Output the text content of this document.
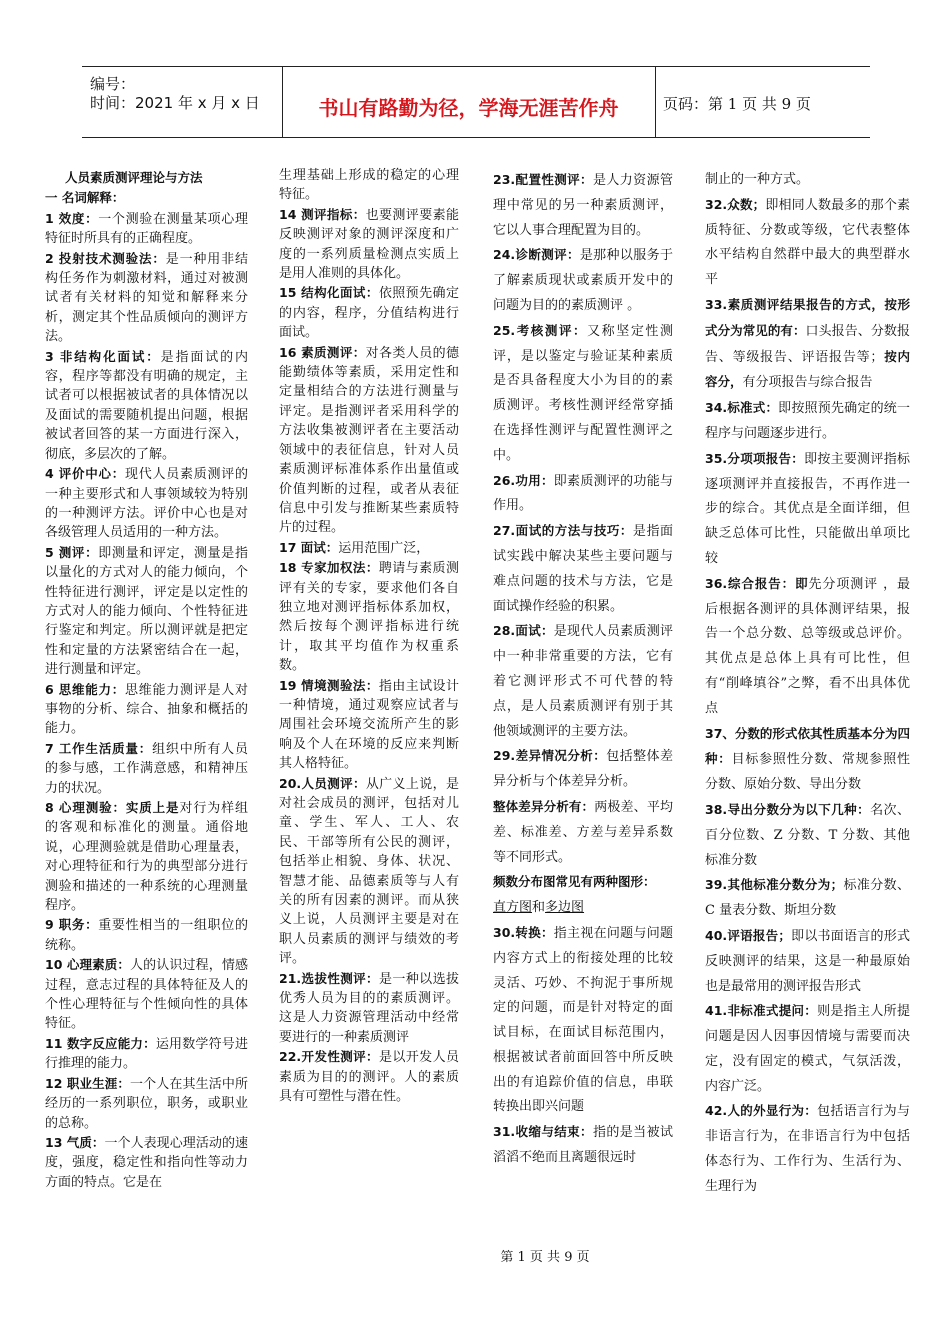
编号：
时间：2021 年 x 月 x 日	书山有路勤为径，学海无涯苦作舟	页码：第 1 页 共 9 页

人员素质测评理论与方法

一 名词解释：

1 效度：一个测验在测量某项心理特征时所具有的正确程度。

2 投射技术测验法：是一种用非结构任务作为刺激材料，通过对被测试者有关材料的知觉和解释来分析，测定其个性品质倾向的测评方法。

3 非结构化面试：是指面试的内容，程序等都没有明确的规定，主试者可以根据被试者的具体情况以及面试的需要随机提出问题，根据被试者回答的某一方面进行深入，彻底，多层次的了解。

4 评价中心：现代人员素质测评的一种主要形式和人事领域较为特别的一种测评方法。评价中心也是对各级管理人员适用的一种方法。

5 测评：即测量和评定，测量是指以量化的方式对人的能力倾向，个性特征进行测评，评定是以定性的方式对人的能力倾向、个性特征进行鉴定和判定。所以测评就是把定性和定量的方法紧密结合在一起，进行测量和评定。

6 思维能力：思维能力测评是人对事物的分析、综合、抽象和概括的能力。

7 工作生活质量：组织中所有人员的参与感，工作满意感，和精神压力的状况。

8 心理测验：实质上是对行为样组的客观和标准化的测量。通俗地说，心理测验就是借助心理量表，对心理特征和行为的典型部分进行测验和描述的一种系统的心理测量程序。

9 职务：重要性相当的一组职位的统称。

10 心理素质：人的认识过程，情感过程，意志过程的具体特征及人的个性心理特征与个性倾向性的具体特征。

11 数字反应能力：运用数学符号进行推理的能力。

12 职业生涯：一个人在其生活中所经历的一系列职位，职务，或职业的总称。

13 气质：一个人表现心理活动的速度，强度，稳定性和指向性等动力方面的特点。它是在

生理基础上形成的稳定的心理特征。

14 测评指标：也要测评要素能反映测评对象的测评深度和广度的一系列质量检测点实质上是用人准则的具体化。

15 结构化面试：依照预先确定的内容，程序，分值结构进行面试。

16 素质测评：对各类人员的德能勤绩体等素质，采用定性和定量相结合的方法进行测量与评定。是指测评者采用科学的方法收集被测评者在主要活动领域中的表征信息，针对人员素质测评标准体系作出量值或价值判断的过程，或者从表征信息中引发与推断某些素质特片的过程。

17 面试：运用范围广泛，

18 专家加权法：聘请与素质测评有关的专家，要求他们各自独立地对测评指标体系加权，然后按每个测评指标进行统计，取其平均值作为权重系数。

19 情境测验法：指由主试设计一种情境，通过观察应试者与周围社会环境交流所产生的影响及个人在环境的反应来判断其人格特征。

20.人员测评：从广义上说，是对社会成员的测评，包括对儿童、学生、军人、工人、农民、干部等所有公民的测评，包括举止相貌、身体、状况、智慧才能、品德素质等与人有关的所有因素的测评。而从狭义上说，人员测评主要是对在职人员素质的测评与绩效的考评。

21.选拔性测评：是一种以选拔优秀人员为目的的素质测评。这是人力资源管理活动中经常要进行的一种素质测评

22.开发性测评：是以开发人员素质为目的的测评。人的素质具有可塑性与潜在性。

23.配置性测评：是人力资源管理中常见的另一种素质测评，它以人事合理配置为目的。

24.诊断测评：是那种以服务于了解素质现状或素质开发中的问题为目的的素质测评 。

25.考核测评：又称坚定性测评，是以鉴定与验证某种素质是否具备程度大小为目的的素质测评。考核性测评经常穿插在选择性测评与配置性测评之中。

26.功用：即素质测评的功能与作用。

27.面试的方法与技巧：是指面试实践中解决某些主要问题与难点问题的技术与方法，它是面试操作经验的积累。

28.面试：是现代人员素质测评中一种非常重要的方法，它有着它测评形式不可代替的特点，是人员素质测评有别于其他领域测评的主要方法。

29.差异情况分析：包括整体差异分析与个体差异分析。

整体差异分析有：两极差、平均差、标准差、方差与差异系数等不同形式。

频数分布图常见有两种图形：

直方图和多边图

30.转换：指主视在问题与问题内容方式上的衔接处理的比较灵活、巧妙、不拘泥于事所规定的问题，而是针对特定的面试目标，在面试目标范围内，根据被试者前面回答中所反映出的有追踪价值的信息，串联转换出即兴问题

31.收缩与结束：指的是当被试滔滔不绝而且离题很远时

制止的一种方式。

32.众数；即相同人数最多的那个素质特征、分数或等级，它代表整体水平结构自然群中最大的典型群水平

33.素质测评结果报告的方式，按形式分为常见的有：口头报告、分数报告、等级报告、评语报告等；按内容分，有分项报告与综合报告

34.标准式：即按照预先确定的统一程序与问题逐步进行。

35.分项项报告：即按主要测评指标逐项测评并直接报告，不再作进一步的综合。其优点是全面详细，但缺乏总体可比性，只能做出单项比较

36.综合报告：即先分项测评 ，最后根据各测评的具体测评结果，报告一个总分数、总等级或总评价。其优点是总体上具有可比性，但有“削峰填谷”之弊，看不出具体优点

37、分数的形式依其性质基本分为四种：目标参照性分数、常规参照性分数、原始分数、导出分数

38.导出分数分为以下几种：名次、百分位数、Z 分数、T 分数、其他标准分数

39.其他标准分数分为；标准分数、C 量表分数、斯坦分数

40.评语报告；即以书面语言的形式反映测评的结果，这是一种最原始也是最常用的测评报告形式

41.非标准式提问：则是指主人所提问题是因人因事因情境与需要而决定，没有固定的模式，气氛活泼，内容广泛。

42.人的外显行为：包括语言行为与非语言行为，在非语言行为中包括体态行为、工作行为、生活行为、生理行为

第 1 页 共 9 页
